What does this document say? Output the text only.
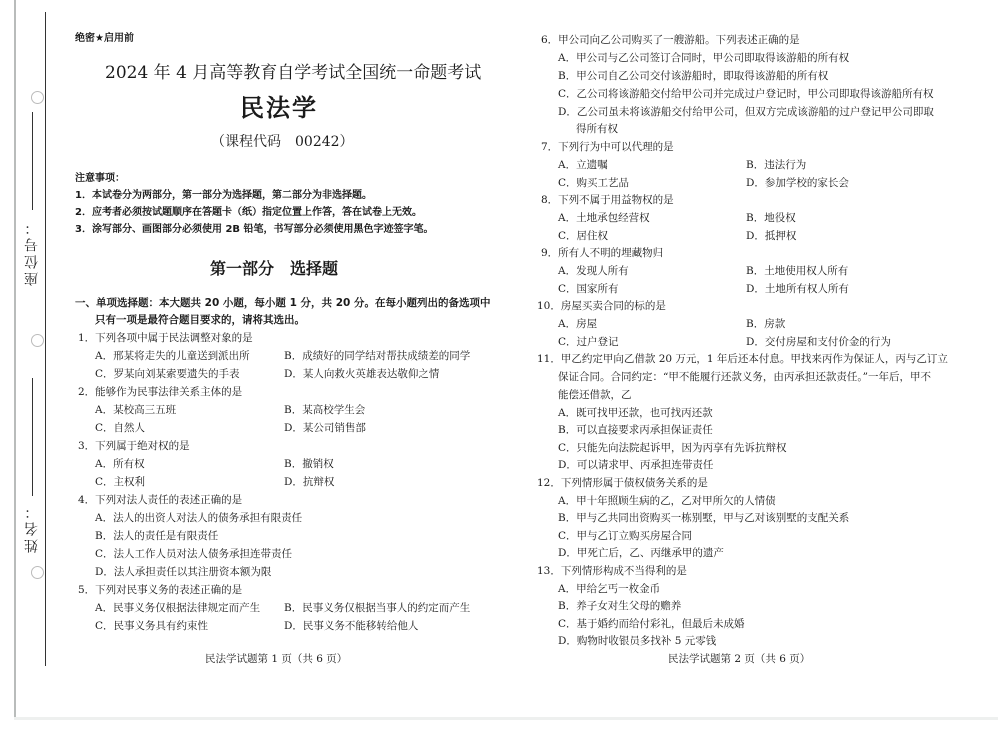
座位号：
姓名：
绝密★启用前
2024 年 4 月高等教育自学考试全国统一命题考试
民法学
（课程代码　00242）
注意事项：
1．本试卷分为两部分，第一部分为选择题，第二部分为非选择题。
2．应考者必须按试题顺序在答题卡（纸）指定位置上作答，答在试卷上无效。
3．涂写部分、画图部分必须使用 2B 铅笔，书写部分必须使用黑色字迹签字笔。
第一部分　选择题
一、单项选择题：本大题共 20 小题，每小题 1 分，共 20 分。在每小题列出的备选项中
只有一项是最符合题目要求的，请将其选出。
1．下列各项中属于民法调整对象的是
A．邢某将走失的儿童送到派出所	B．成绩好的同学结对帮扶成绩差的同学
C．罗某向刘某索要遗失的手表	D．某人向救火英雄表达敬仰之情
2．能够作为民事法律关系主体的是
A．某校高三五班	B．某高校学生会
C．自然人	D．某公司销售部
3．下列属于绝对权的是
A．所有权	B．撤销权
C．主权利	D．抗辩权
4．下列对法人责任的表述正确的是
A．法人的出资人对法人的债务承担有限责任
B．法人的责任是有限责任
C．法人工作人员对法人债务承担连带责任
D．法人承担责任以其注册资本额为限
5．下列对民事义务的表述正确的是
A．民事义务仅根据法律规定而产生 B．民事义务仅根据当事人的约定而产生
C．民事义务具有约束性	D．民事义务不能移转给他人
民法学试题第 1 页（共 6 页）
6．甲公司向乙公司购买了一艘游船。下列表述正确的是
A．甲公司与乙公司签订合同时，甲公司即取得该游船的所有权
B．甲公司自乙公司交付该游船时，即取得该游船的所有权
C．乙公司将该游船交付给甲公司并完成过户登记时，甲公司即取得该游船所有权
D．乙公司虽未将该游船交付给甲公司，但双方完成该游船的过户登记甲公司即取
得所有权
7．下列行为中可以代理的是
A．立遗嘱	B．违法行为
C．购买工艺品	D．参加学校的家长会
8．下列不属于用益物权的是
A．土地承包经营权	B．地役权
C．居住权	D．抵押权
9．所有人不明的埋藏物归
A．发现人所有	B．土地使用权人所有
C．国家所有	D．土地所有权人所有
10．房屋买卖合同的标的是
A．房屋	B．房款
C．过户登记	D．交付房屋和支付价金的行为
11．甲乙约定甲向乙借款 20 万元，1 年后还本付息。甲找来丙作为保证人，丙与乙订立
保证合同。合同约定：“甲不能履行还款义务，由丙承担还款责任。”一年后，甲不
能偿还借款，乙
A．既可找甲还款，也可找丙还款
B．可以直接要求丙承担保证责任
C．只能先向法院起诉甲，因为丙享有先诉抗辩权
D．可以请求甲、丙承担连带责任
12．下列情形属于债权债务关系的是
A．甲十年照顾生病的乙，乙对甲所欠的人情债
B．甲与乙共同出资购买一栋别墅，甲与乙对该别墅的支配关系
C．甲与乙订立购买房屋合同
D．甲死亡后，乙、丙继承甲的遗产
13．下列情形构成不当得利的是
A．甲给乞丐一枚金币
B．养子女对生父母的赡养
C．基于婚约而给付彩礼，但最后未成婚
D．购物时收银员多找补 5 元零钱
民法学试题第 2 页（共 6 页）
